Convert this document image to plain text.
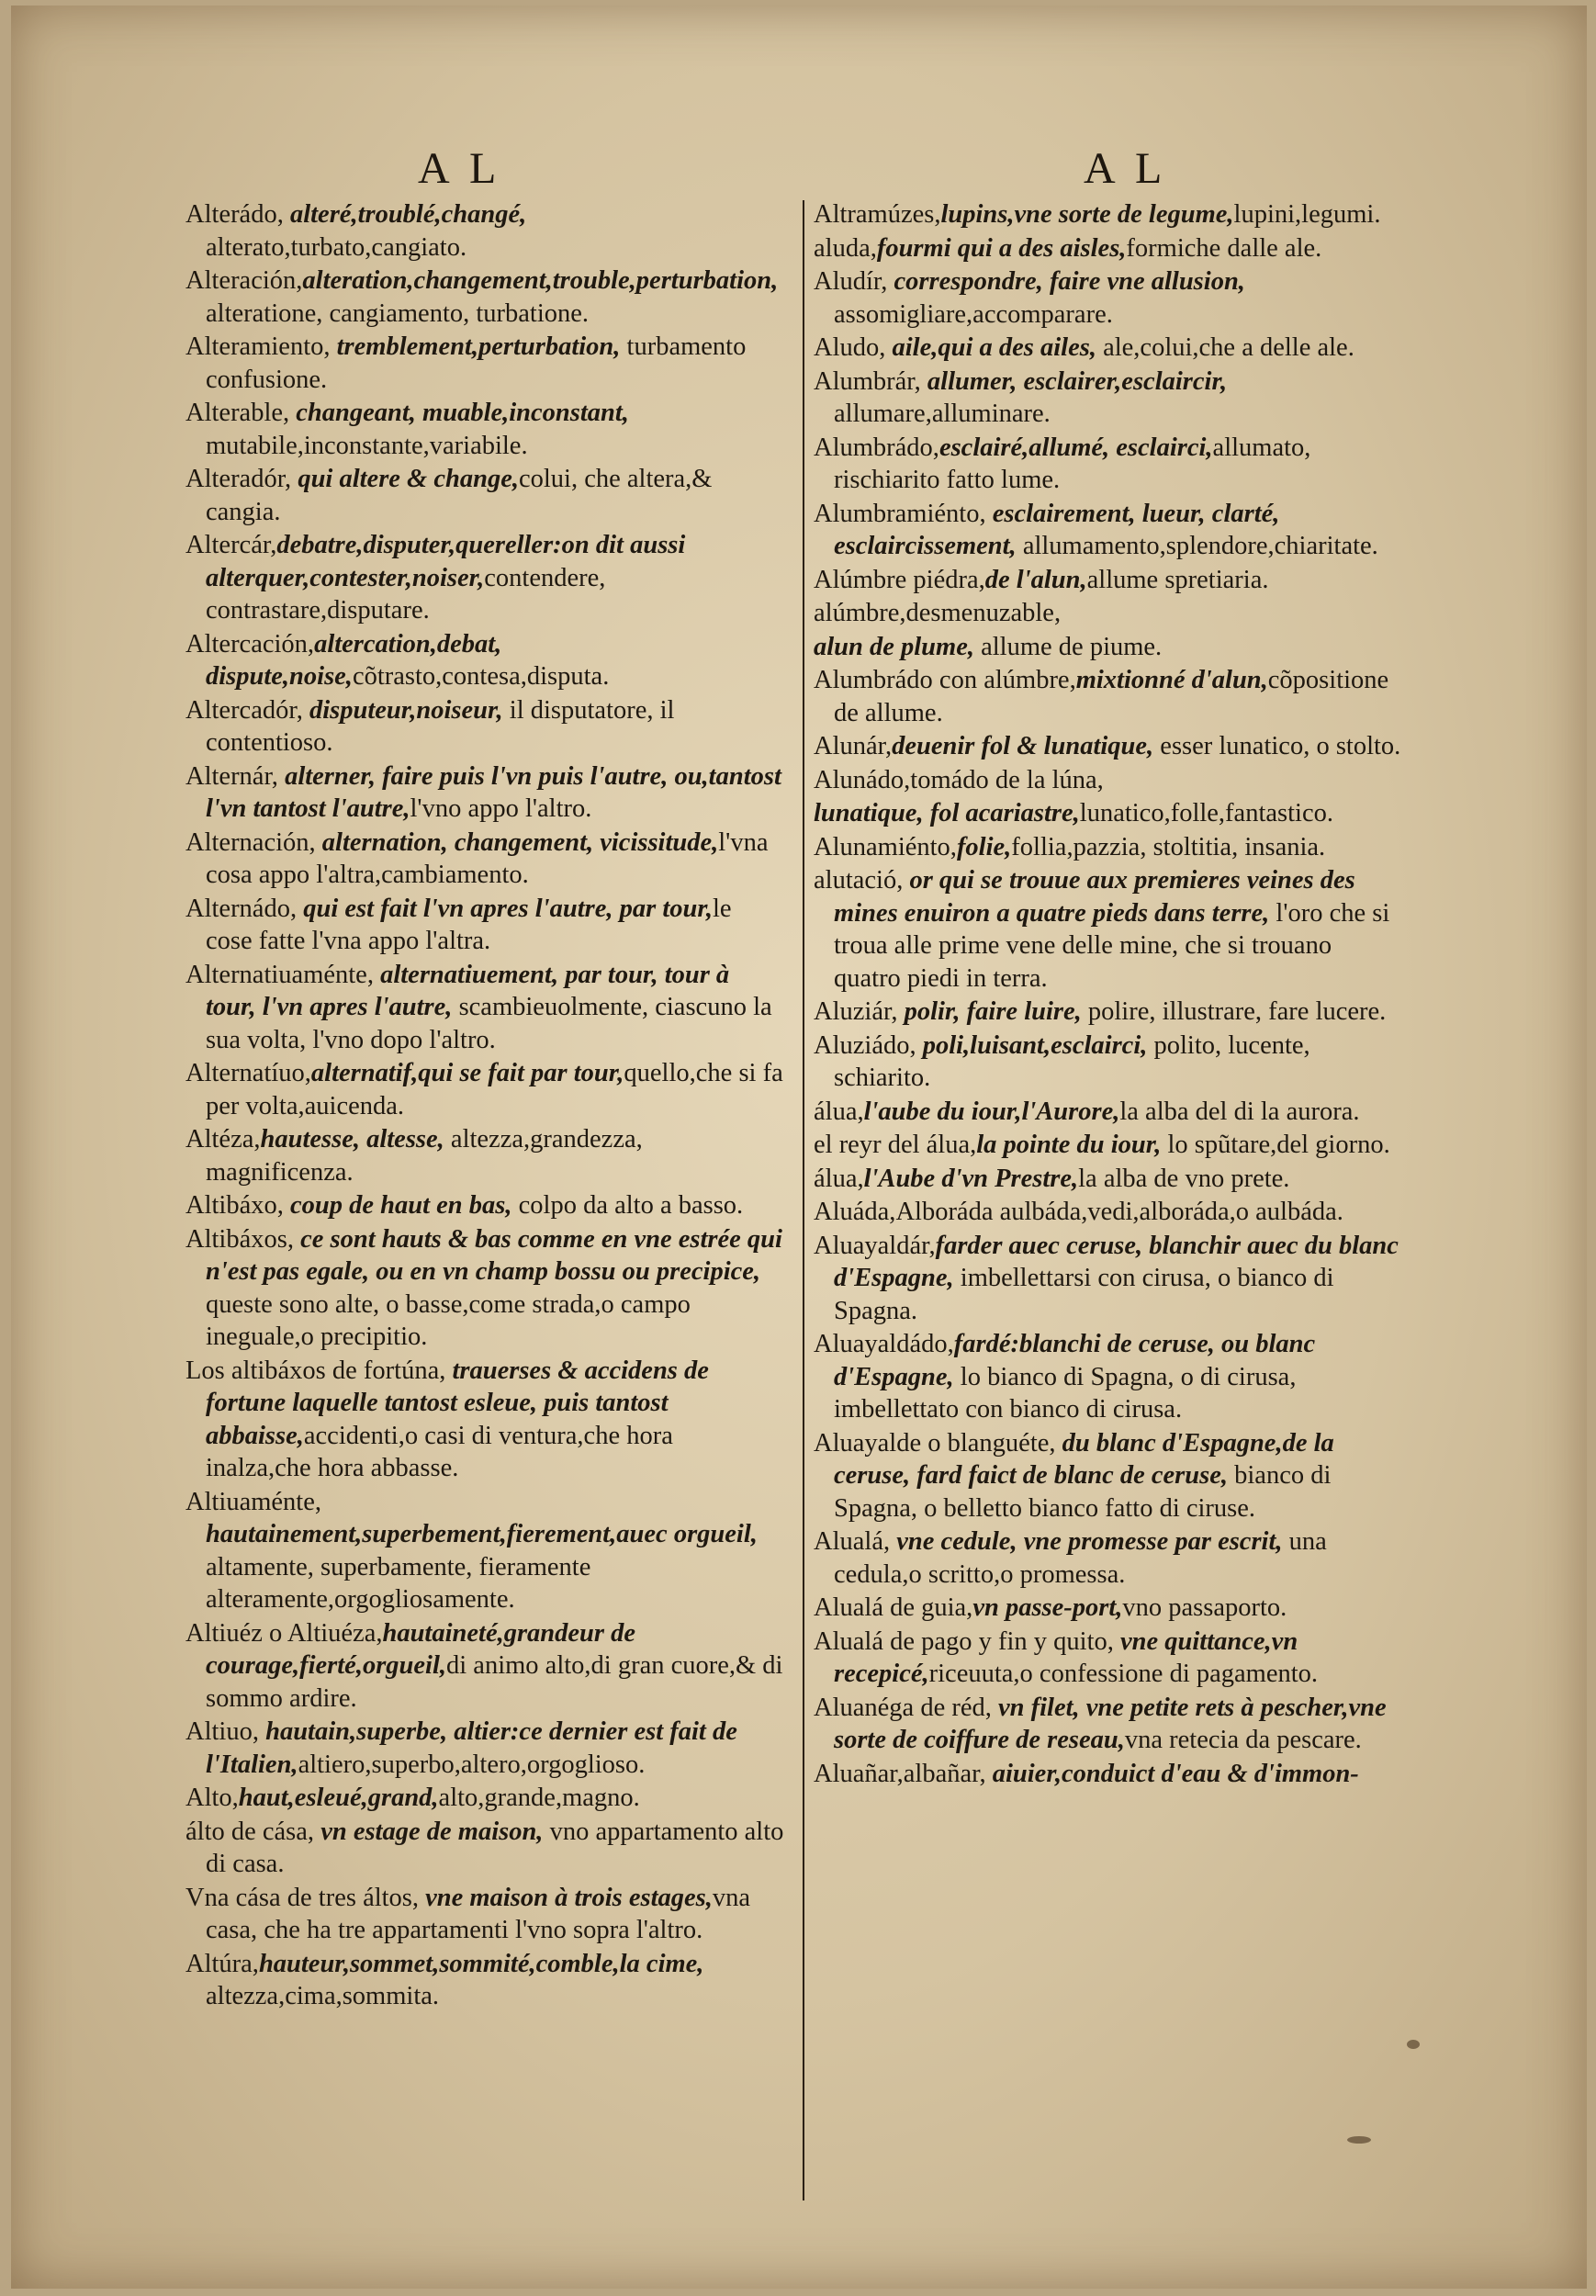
A L	A L
Alterádo, alteré,troublé,changé, alterato,turbato,cangiato.
Alteración,alteration,changement,trouble,perturbation, alteratione, cangiamento, turbatione.
Alteramiento, tremblement,perturbation, turbamento confusione.
Alterable, changeant, muable,inconstant, mutabile,inconstante,variabile.
Alteradór, qui altere & change,colui, che altera,& cangia.
Altercár,debatre,disputer,quereller:on dit aussi alterquer,contester,noiser,contendere, contrastare,disputare.
Altercación,altercation,debat, dispute,noise,cõtrasto,contesa,disputa.
Altercadór, disputeur,noiseur, il disputatore, il contentioso.
Alternár, alterner, faire puis l'vn puis l'autre, ou,tantost l'vn tantost l'autre,l'vno appo l'altro.
Alternación, alternation, changement, vicissitude,l'vna cosa appo l'altra,cambiamento.
Alternádo, qui est fait l'vn apres l'autre, par tour,le cose fatte l'vna appo l'altra.
Alternatiuaménte, alternatiuement, par tour, tour à tour, l'vn apres l'autre, scambieuolmente, ciascuno la sua volta, l'vno dopo l'altro.
Alternatíuo,alternatif,qui se fait par tour,quello,che si fa per volta,auicenda.
Altéza,hautesse, altesse, altezza,grandezza, magnificenza.
Altibáxo, coup de haut en bas, colpo da alto a basso.
Altibáxos, ce sont hauts & bas comme en vne estrée qui n'est pas egale, ou en vn champ bossu ou precipice, queste sono alte, o basse,come strada,o campo ineguale,o precipitio.
Los altibáxos de fortúna, trauerses & accidens de fortune laquelle tantost esleue, puis tantost abbaisse,accidenti,o casi di ventura,che hora inalza,che hora abbasse.
Altiuaménte, hautainement,superbement,fierement,auec orgueil, altamente, superbamente, fieramente alteramente,orgogliosamente.
Altiuéz o Altiuéza,hautaineté,grandeur de courage,fierté,orgueil,di animo alto,di gran cuore,& di sommo ardire.
Altiuo, hautain,superbe, altier:ce dernier est fait de l'Italien,altiero,superbo,altero,orgoglioso.
Alto,haut,esleué,grand,alto,grande,magno.
álto de cása, vn estage de maison, vno appartamento alto di casa.
Vna cása de tres áltos, vne maison à trois estages,vna casa, che ha tre appartamenti l'vno sopra l'altro.
Altúra,hauteur,sommet,sommité,comble,la cime, altezza,cima,sommita.
Altramúzes,lupins,vne sorte de legume,lupini,legumi.
aluda,fourmi qui a des aisles,formiche dalle ale.
Aludír, correspondre, faire vne allusion, assomigliare,accomparare.
Aludo, aile,qui a des ailes, ale,colui,che a delle ale.
Alumbrár, allumer, esclairer,esclaircir, allumare,alluminare.
Alumbrádo,esclairé,allumé, esclairci,allumato, rischiarito fatto lume.
Alumbramiénto, esclairement, lueur, clarté, esclaircissement, allumamento,splendore,chiaritate.
Alúmbre piédra,de l'alun,allume spretiaria.
alúmbre,desmenuzable,
alun de plume, allume de piume.
Alumbrádo con alúmbre,mixtionné d'alun,cõpositione de allume.
Alunár,deuenir fol & lunatique, esser lunatico, o stolto.
Alunádo,tomádo de la lúna,
lunatique, fol acariastre,lunatico,folle,fantastico.
Alunamiénto,folie,follia,pazzia, stoltitia, insania.
alutació, or qui se trouue aux premieres veines des mines enuiron a quatre pieds dans terre, l'oro che si troua alle prime vene delle mine, che si trouano quatro piedi in terra.
Aluziár, polir, faire luire, polire, illustrare, fare lucere.
Aluziádo, poli,luisant,esclairci, polito, lucente, schiarito.
álua,l'aube du iour,l'Aurore,la alba del di la aurora.
el reyr del álua,la pointe du iour, lo spũtare,del giorno.
álua,l'Aube d'vn Prestre,la alba de vno prete.
Aluáda,Alboráda aulbáda,vedi,alboráda,o aulbáda.
Aluayaldár,farder auec ceruse, blanchir auec du blanc d'Espagne, imbellettarsi con cirusa, o bianco di Spagna.
Aluayaldádo,fardé:blanchi de ceruse, ou blanc d'Espagne, lo bianco di Spagna, o di cirusa, imbellettato con bianco di cirusa.
Aluayalde o blanguéte, du blanc d'Espagne,de la ceruse, fard faict de blanc de ceruse, bianco di Spagna, o belletto bianco fatto di ciruse.
Alualá, vne cedule, vne promesse par escrit, una cedula,o scritto,o promessa.
Alualá de guia,vn passe-port,vno passaporto.
Alualá de pago y fin y quito, vne quittance,vn recepicé,riceuuta,o confessione di pagamento.
Aluanéga de réd, vn filet, vne petite rets à pescher,vne sorte de coiffure de reseau,vna retecia da pescare.
Aluañar,albañar, aiuier,conduict d'eau & d'immon-
